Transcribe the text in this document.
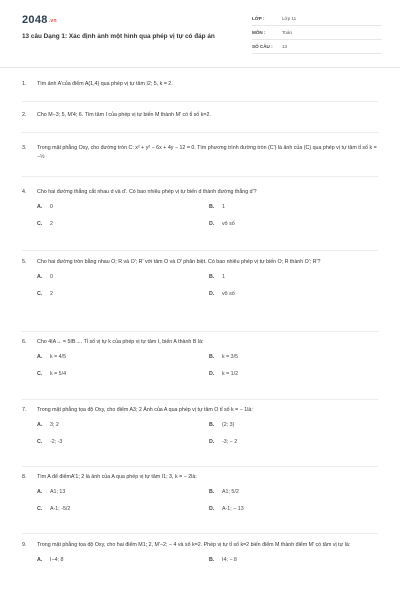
2048.vn
13 câu Dạng 1: Xác định ảnh một hình qua phép vị tự có đáp án
LỚP :	Lớp 11
MÔN :	Toán
SỐ CÂU :	13
1.	Tìm ảnh A'của điểm A(1,4) qua phép vị tự tâm I2; 5, k = 2.
2.	Cho M−3; 5, M'4; 6. Tìm tâm I của phép vị tự biến M thành M' có tỉ số k=2.
3.	Trong mặt phẳng Oxy, cho đường tròn C: x² + y² − 6x + 4y − 12 = 0. Tìm phương trình đường tròn (C') là ảnh của (C) qua phép vị tự tâm tỉ số k = −½
4.	Cho hai đường thẳng cắt nhau d và d'. Có bao nhiêu phép vị tự biến d thành đường thẳng d'?
A.	0	B.	1
C.	2	D.	vô số
5.	Cho hai đường tròn bằng nhau O; R và O'; R' với tâm O và O' phân biệt. Có bao nhiêu phép vị tự biến O; R thành O'; R'?
A.	0	B.	1
C.	2	D.	vô số
6.	Cho 4IA→ = 5IB→. Tỉ số vị tự k của phép vị tự tâm I, biến A thành B là:
A.	k = 4/5	B.	k = 3/5
C.	k = 5/4	D.	k = 1/2
7.	Trong mặt phẳng tọa độ Oxy, cho điểm A3; 2 Ảnh của A qua phép vị tự tâm O tỉ số k = − 1là:
A.	3; 2	B.	(2; 3)
C.	-2; -3	D.	-3; − 2
8.	Tìm A để điểmA'1; 2 là ảnh của A qua phép vị tự tâm I1; 3, k = − 2là:
A.	A1; 13	B.	A1; 5/2
C.	A-1; -5/2	D.	A-1; − 13
9.	Trong mặt phẳng tọa độ Oxy, cho hai điểm M1; 2, M'−2; − 4 và số k=2. Phép vị tự tỉ số k=2 biến điểm M thành điểm M' có tâm vị tự là:
A.	I−4; 8	B.	I4; − 8
